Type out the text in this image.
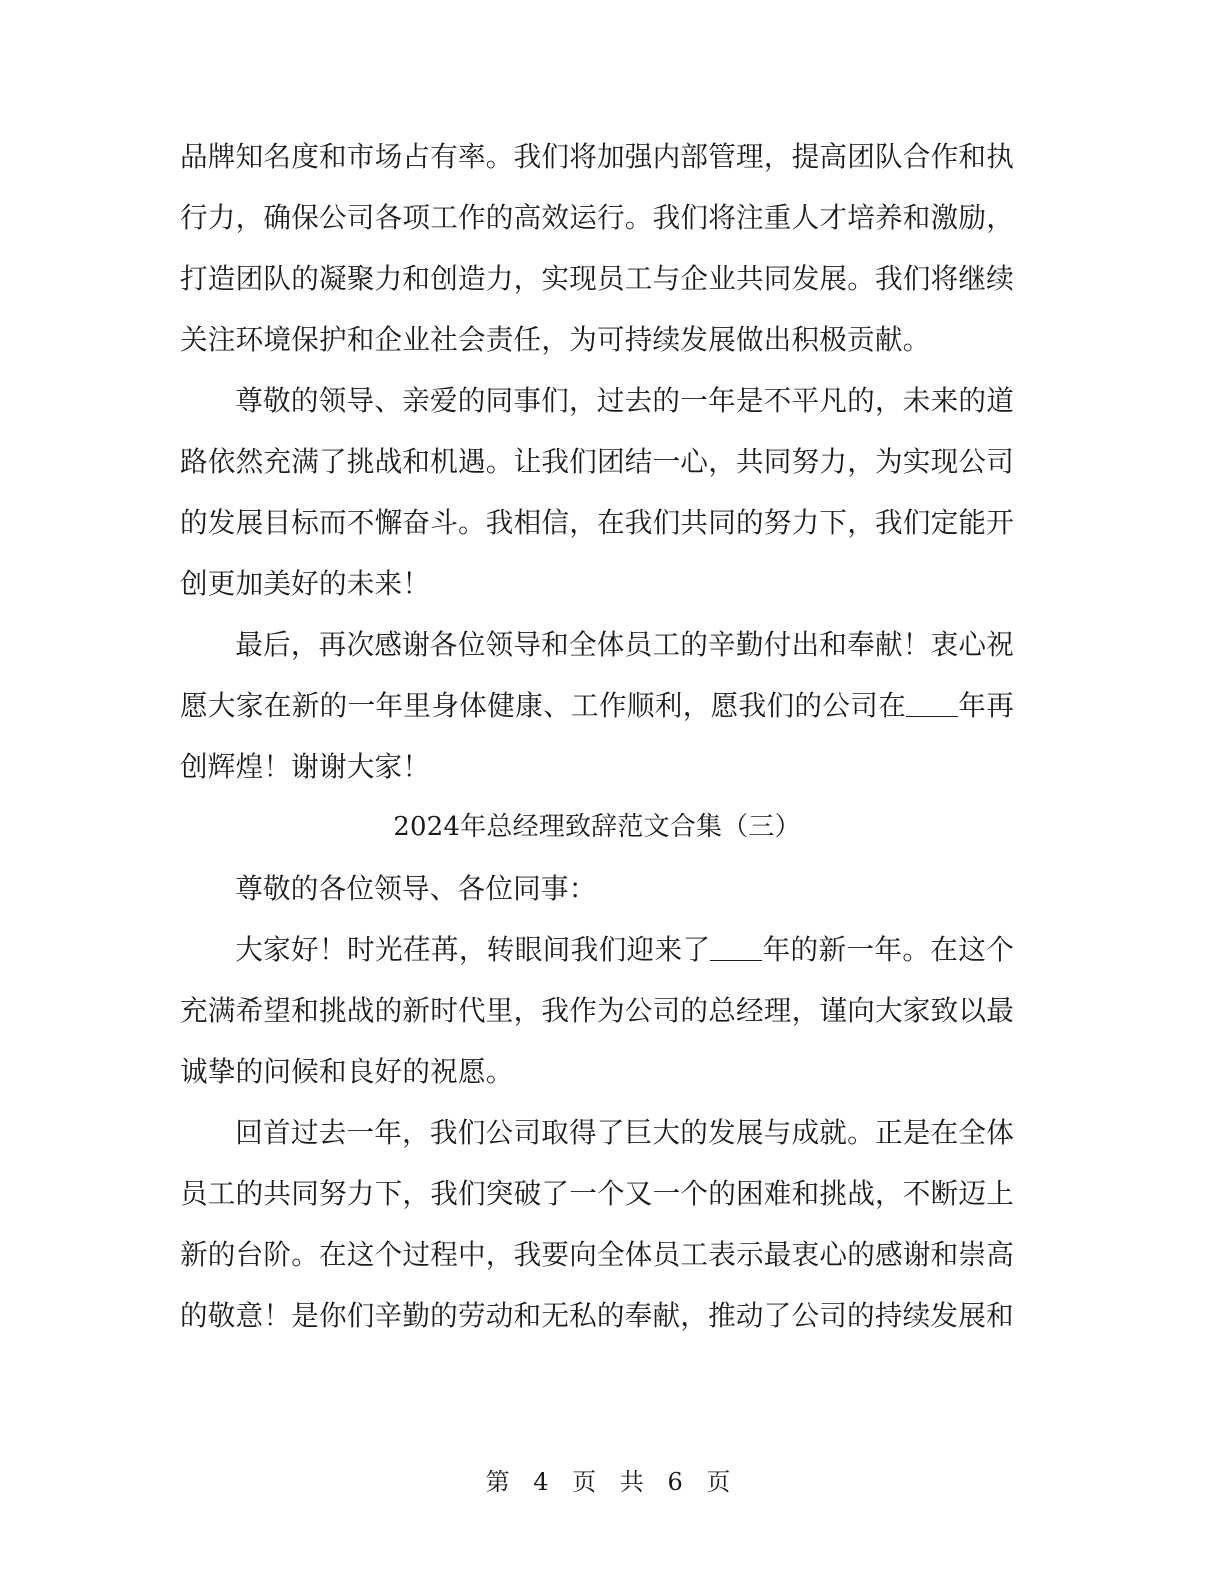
品牌知名度和市场占有率。我们将加强内部管理，提高团队合作和执行力，确保公司各项工作的高效运行。我们将注重人才培养和激励，打造团队的凝聚力和创造力，实现员工与企业共同发展。我们将继续关注环境保护和企业社会责任，为可持续发展做出积极贡献。

尊敬的领导、亲爱的同事们，过去的一年是不平凡的，未来的道路依然充满了挑战和机遇。让我们团结一心，共同努力，为实现公司的发展目标而不懈奋斗。我相信，在我们共同的努力下，我们定能开创更加美好的未来！

最后，再次感谢各位领导和全体员工的辛勤付出和奉献！衷心祝愿大家在新的一年里身体健康、工作顺利，愿我们的公司在 年再创辉煌！谢谢大家！

2024年总经理致辞范文合集（三）

尊敬的各位领导、各位同事：

大家好！时光荏苒，转眼间我们迎来了 年的新一年。在这个充满希望和挑战的新时代里，我作为公司的总经理，谨向大家致以最诚挚的问候和良好的祝愿。

回首过去一年，我们公司取得了巨大的发展与成就。正是在全体员工的共同努力下，我们突破了一个又一个的困难和挑战，不断迈上新的台阶。在这个过程中，我要向全体员工表示最衷心的感谢和崇高的敬意！是你们辛勤的劳动和无私的奉献，推动了公司的持续发展和

第 4 页 共 6 页
